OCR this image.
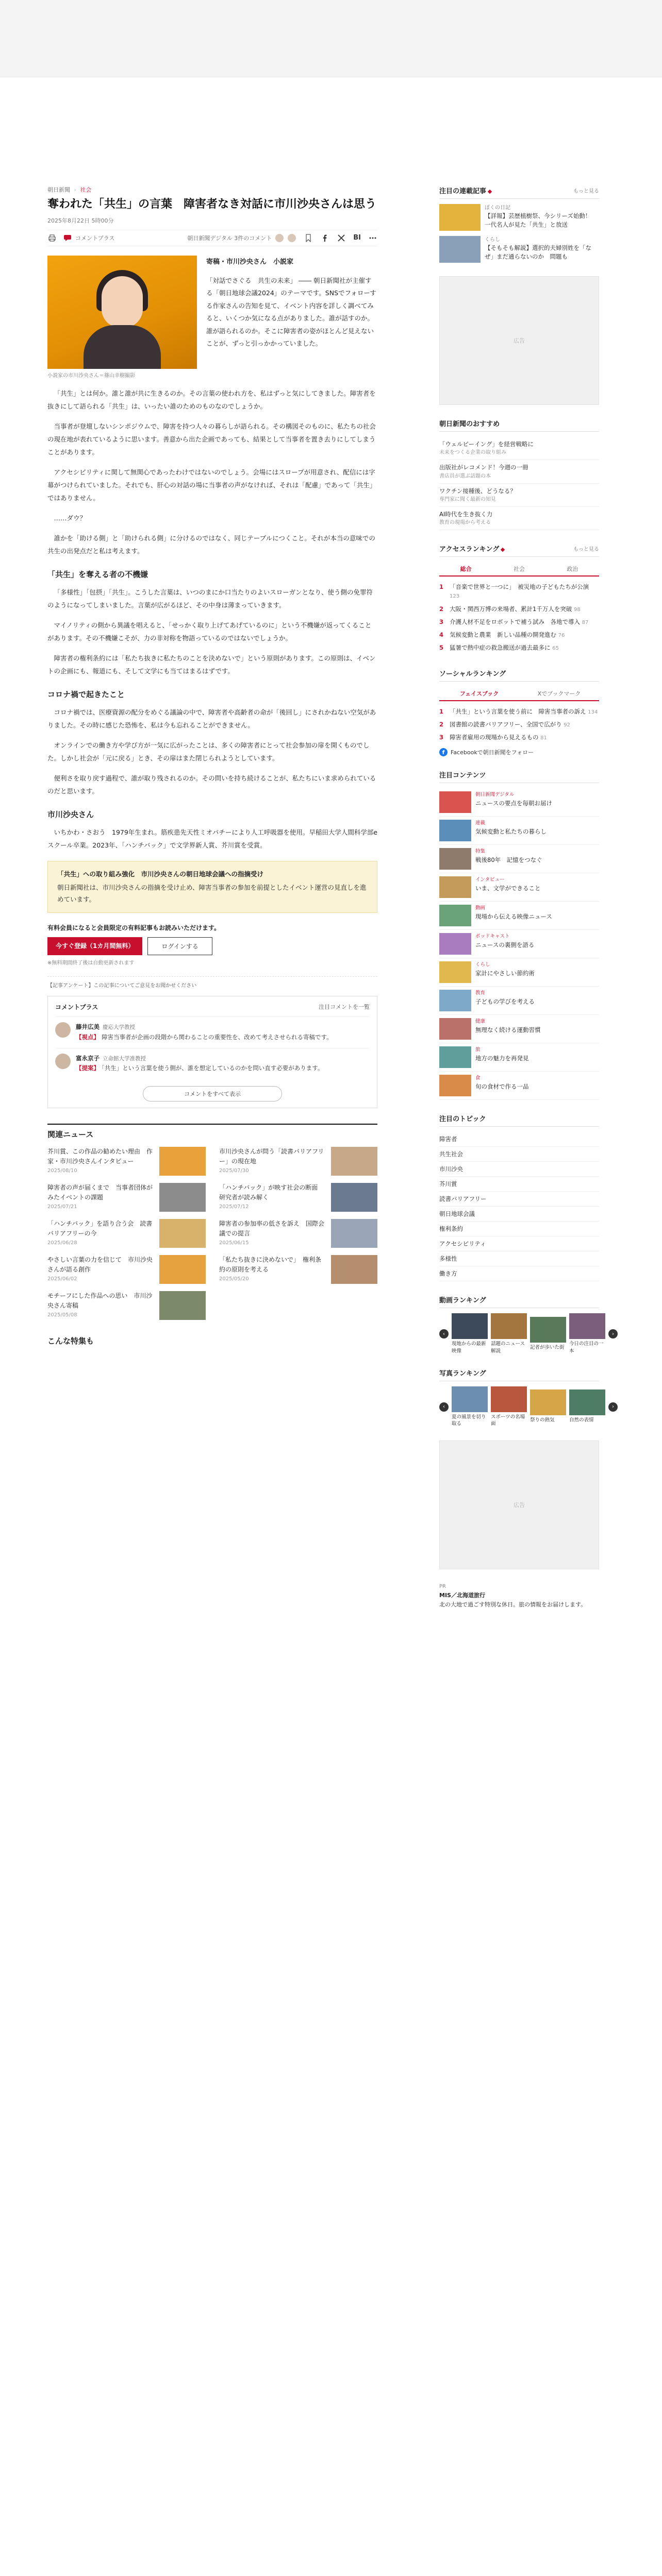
朝日新聞 › 社会
奪われた「共生」の言葉　障害者なき対話に市川沙央さんは思う
2025年8月22日 5時00分
コメントプラス	朝日新聞デジタル 3件のコメント	BI
小説家の市川沙央さん＝篠山幸樹撮影
寄稿・市川沙央さん　小説家

「対話でさぐる　共生の未来」 ―― 朝日新聞社が主催する「朝日地球会議2024」のテーマです。SNSでフォローする作家さんの告知を見て、イベント内容を詳しく調べてみると、いくつか気になる点がありました。誰が話すのか。誰が語られるのか。そこに障害者の姿がほとんど見えないことが、ずっと引っかかっていました。

「共生」とは何か。誰と誰が共に生きるのか。その言葉の使われ方を、私はずっと気にしてきました。障害者を抜きにして語られる「共生」は、いったい誰のためのものなのでしょうか。

当事者が登壇しないシンポジウムで、障害を持つ人々の暮らしが語られる。その構図そのものに、私たちの社会の現在地が表れているように思います。善意から出た企画であっても、結果として当事者を置き去りにしてしまうことがあります。

アクセシビリティに関して無関心であったわけではないのでしょう。会場にはスロープが用意され、配信には字幕がつけられていました。それでも、肝心の対話の場に当事者の声がなければ、それは「配慮」であって「共生」ではありません。

……ダウ？

誰かを「助ける側」と「助けられる側」に分けるのではなく、同じテーブルにつくこと。それが本当の意味での共生の出発点だと私は考えます。

「共生」を奪える者の不機嫌

「多様性」「包摂」「共生」。こうした言葉は、いつのまにか口当たりのよいスローガンとなり、使う側の免罪符のようになってしまいました。言葉が広がるほど、その中身は薄まっていきます。

マイノリティの側から異議を唱えると、「せっかく取り上げてあげているのに」という不機嫌が返ってくることがあります。その不機嫌こそが、力の非対称を物語っているのではないでしょうか。

障害者の権利条約には「私たち抜きに私たちのことを決めないで」という原則があります。この原則は、イベントの企画にも、報道にも、そして文学にも当てはまるはずです。

コロナ禍で起きたこと

コロナ禍では、医療資源の配分をめぐる議論の中で、障害者や高齢者の命が「後回し」にされかねない空気がありました。その時に感じた恐怖を、私は今も忘れることができません。

オンラインでの働き方や学び方が一気に広がったことは、多くの障害者にとって社会参加の扉を開くものでした。しかし社会が「元に戻る」とき、その扉はまた閉じられようとしています。

便利さを取り戻す過程で、誰が取り残されるのか。その問いを持ち続けることが、私たちにいま求められているのだと思います。

市川沙央さん

いちかわ・さおう　1979年生まれ。筋疾患先天性ミオパチーにより人工呼吸器を使用。早稲田大学人間科学部eスクール卒業。2023年、「ハンチバック」で文学界新人賞、芥川賞を受賞。

「共生」への取り組み強化　市川沙央さんの朝日地球会議への指摘受け
朝日新聞社は、市川沙央さんの指摘を受け止め、障害当事者の参加を前提としたイベント運営の見直しを進めています。
有料会員になると会員限定の有料記事もお読みいただけます。
今すぐ登録（1カ月間無料）	ログインする
※無料期間終了後は自動更新されます
【記事アンケート】この記事についてご意見をお聞かせください
コメントプラス	注目コメントを一覧
藤井広美 慶応大学教授
【視点】 障害当事者が企画の段階から関わることの重要性を、改めて考えさせられる寄稿です。
富永京子 立命館大学准教授
【提案】 「共生」という言葉を使う側が、誰を想定しているのかを問い直す必要があります。
コメントをすべて表示
関連ニュース
芥川賞、この作品の勧めたい理由　作家・市川沙央さんインタビュー
2025/08/10
市川沙央さんが問う「読書バリアフリー」の現在地
2025/07/30
障害者の声が届くまで　当事者団体がみたイベントの課題
2025/07/21
「ハンチバック」が映す社会の断面　研究者が読み解く
2025/07/12
「ハンチバック」を語り合う会　読書バリアフリーの今
2025/06/28
障害者の参加率の低さを訴え　国際会議での提言
2025/06/15
やさしい言葉の力を信じて　市川沙央さんが語る創作
2025/06/02
「私たち抜きに決めないで」　権利条約の原則を考える
2025/05/20
モチーフにした作品への思い　市川沙央さん寄稿
2025/05/08
こんな特集も
注目の連載記事	もっと見る
ぼくの日記
【詳報】芸歴植樹祭、今シリーズ始動！　一代名人が見た「共生」と放送
くらし
【そもそも解説】選択的夫婦別姓を「なぜ」まだ通らないのか　問題も
広告
朝日新聞のおすすめ
「ウェルビーイング」を経営戦略に
未来をつくる企業の取り組み
出版社がレコメンド！今週の一冊
書店員が選ぶ話題の本
ワクチン接種後、どうなる？
専門家に聞く最新の知見
AI時代を生き抜く力
教育の現場から考える
アクセスランキング	もっと見る
総合	社会	政治
1	「音楽で世界と一つに」　被災地の子どもたちが公演 123
2	大阪・関西万博の来場者、累計1千万人を突破 98
3	介護人材不足をロボットで補う試み　各地で導入 87
4	気候変動と農業　新しい品種の開発進む 76
5	猛暑で熱中症の救急搬送が過去最多に 65
ソーシャルランキング
フェイスブック	Xでブックマーク
1	「共生」という言葉を使う前に　障害当事者の訴え 134
2	図書館の読書バリアフリー、全国で広がり 92
3	障害者雇用の現場から見えるもの 81
f	Facebookで朝日新聞をフォロー
注目コンテンツ
朝日新聞デジタル
ニュースの要点を毎朝お届け
連載
気候変動と私たちの暮らし
特集
戦後80年　記憶をつなぐ
インタビュー
いま、文学ができること
動画
現場から伝える映像ニュース
ポッドキャスト
ニュースの裏側を語る
くらし
家計にやさしい節約術
教育
子どもの学びを考える
健康
無理なく続ける運動習慣
旅
地方の魅力を再発見
食
旬の食材で作る一品
注目のトピック
障害者
共生社会
市川沙央
芥川賞
読書バリアフリー
朝日地球会議
権利条約
アクセシビリティ
多様性
働き方
動画ランキング
‹
現地からの最新映像
話題のニュース解説
記者が歩いた街
今日の注目の一本
›
写真ランキング
‹
夏の風景を切り取る
スポーツの名場面
祭りの熱気	自然の表情
›
広告
PR
MIS／北海道旅行
北の大地で過ごす特別な休日。旅の情報をお届けします。
